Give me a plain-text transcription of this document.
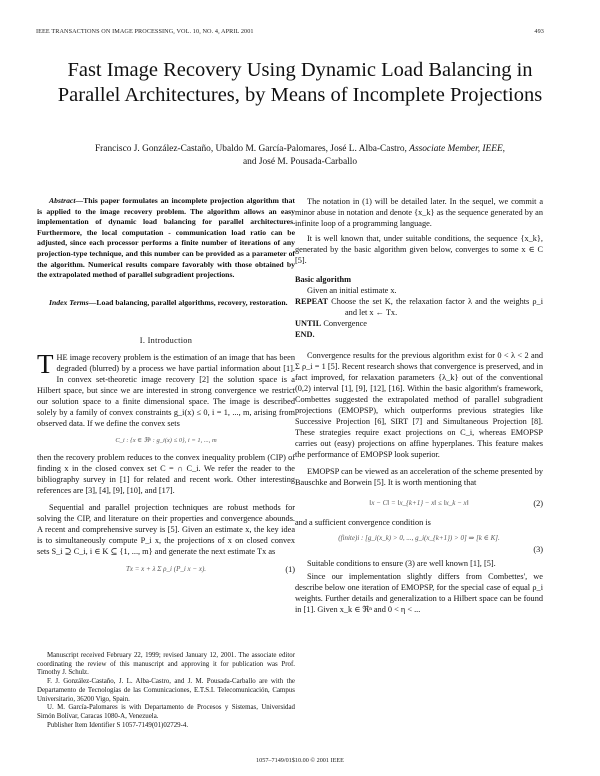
IEEE TRANSACTIONS ON IMAGE PROCESSING, VOL. 10, NO. 4, APRIL 2001	493
Fast Image Recovery Using Dynamic Load Balancing in Parallel Architectures, by Means of Incomplete Projections
Francisco J. González-Castaño, Ubaldo M. García-Palomares, José L. Alba-Castro, Associate Member, IEEE,
and José M. Pousada-Carballo
Abstract—This paper formulates an incomplete projection algorithm that is applied to the image recovery problem. The algorithm allows an easy implementation of dynamic load balancing for parallel architectures. Furthermore, the local computation - communication load ratio can be adjusted, since each processor performs a finite number of iterations of any projection-type technique, and this number can be provided as a parameter of the algorithm. Numerical results compare favorably with those obtained by the extrapolated method of parallel subgradient projections.
Index Terms—Load balancing, parallel algorithms, recovery, restoration.
I. Introduction

THE image recovery problem is the estimation of an image that has been degraded (blurred) by a process we have partial information about [1]. In convex set-theoretic image recovery [2] the solution space is a Hilbert space, but since we are interested in strong convergence we restrict our solution space to a finite dimensional space. The image is described solely by a family of convex constraints g_i(x) ≤ 0, i = 1, ..., m, arising from observed data. If we define the convex sets

C_i : {x ∈ ℜⁿ : g_i(x) ≤ 0}, i = 1, ..., m

then the recovery problem reduces to the convex inequality problem (CIP) of finding x in the closed convex set C = ∩ C_i. We refer the reader to the bibliography survey in [1] for related and recent work. Other interesting references are [3], [4], [9], [10], and [17].

Sequential and parallel projection techniques are robust methods for solving the CIP, and literature on their properties and convergence abounds. A recent and comprehensive survey is [5]. Given an estimate x, the key idea is to simultaneously compute P_i x, the projections of x on closed convex sets S_i ⊇ C_i, i ∈ K ⊆ {1, ..., m} and generate the next estimate Tx as

Tx = x + λ Σ ρ_i (P_i x − x).	(1)

Manuscript received February 22, 1999; revised January 12, 2001. The associate editor coordinating the review of this manuscript and approving it for publication was Prof. Timothy J. Schulz.

F. J. González-Castaño, J. L. Alba-Castro, and J. M. Pousada-Carballo are with the Departamento de Tecnologías de las Comunicaciones, E.T.S.I. Telecomunicación, Campus Universitario, 36200 Vigo, Spain.

U. M. García-Palomares is with Departamento de Procesos y Sistemas, Universidad Simón Bolívar, Caracas 1080-A, Venezuela.

Publisher Item Identifier S 1057-7149(01)02729-4.

The notation in (1) will be detailed later. In the sequel, we commit a minor abuse in notation and denote {x_k} as the sequence generated by an infinite loop of a programming language.

It is well known that, under suitable conditions, the sequence {x_k}, generated by the basic algorithm given below, converges to some x ∈ C [5].

Basic algorithm
Given an initial estimate x.
REPEAT Choose the set K, the relaxation factor λ and the weights ρ_i and let x ← Tx.
UNTIL Convergence
END.

Convergence results for the previous algorithm exist for 0 < λ < 2 and Σ ρ_i = 1 [5]. Recent research shows that convergence is preserved, and in fact improved, for relaxation parameters {λ_k} out of the conventional (0,2) interval [1], [9], [12], [16]. Within the basic algorithm's framework, Combettes suggested the extrapolated method of parallel subgradient projections (EMOPSP), which outperforms previous strategies like Successive Projection [6], SIRT [7] and Simultaneous Projection [8]. These strategies require exact projections on C_i, whereas EMOPSP carries out (easy) projections on affine hyperplanes. This feature makes the performance of EMOPSP look superior.

EMOPSP can be viewed as an acceleration of the scheme presented by Bauschke and Borwein [5]. It is worth mentioning that

‖x − C‖ = ‖x_{k+1} − x‖ ≤ ‖x_k − x‖	(2)

and a sufficient convergence condition is

(finite)i : [g_i(x_k) > 0, ..., g_i(x_{k+1}) > 0] ⇒ [k ∈ K].
(3)

Suitable conditions to ensure (3) are well known [1], [5].

Since our implementation slightly differs from Combettes', we describe below one iteration of EMOPSP, for the special case of equal ρ_i weights. Further details and generalization to a Hilbert space can be found in [1]. Given x_k ∈ ℜⁿ and 0 < η < ...

1057–7149/01$10.00 © 2001 IEEE
